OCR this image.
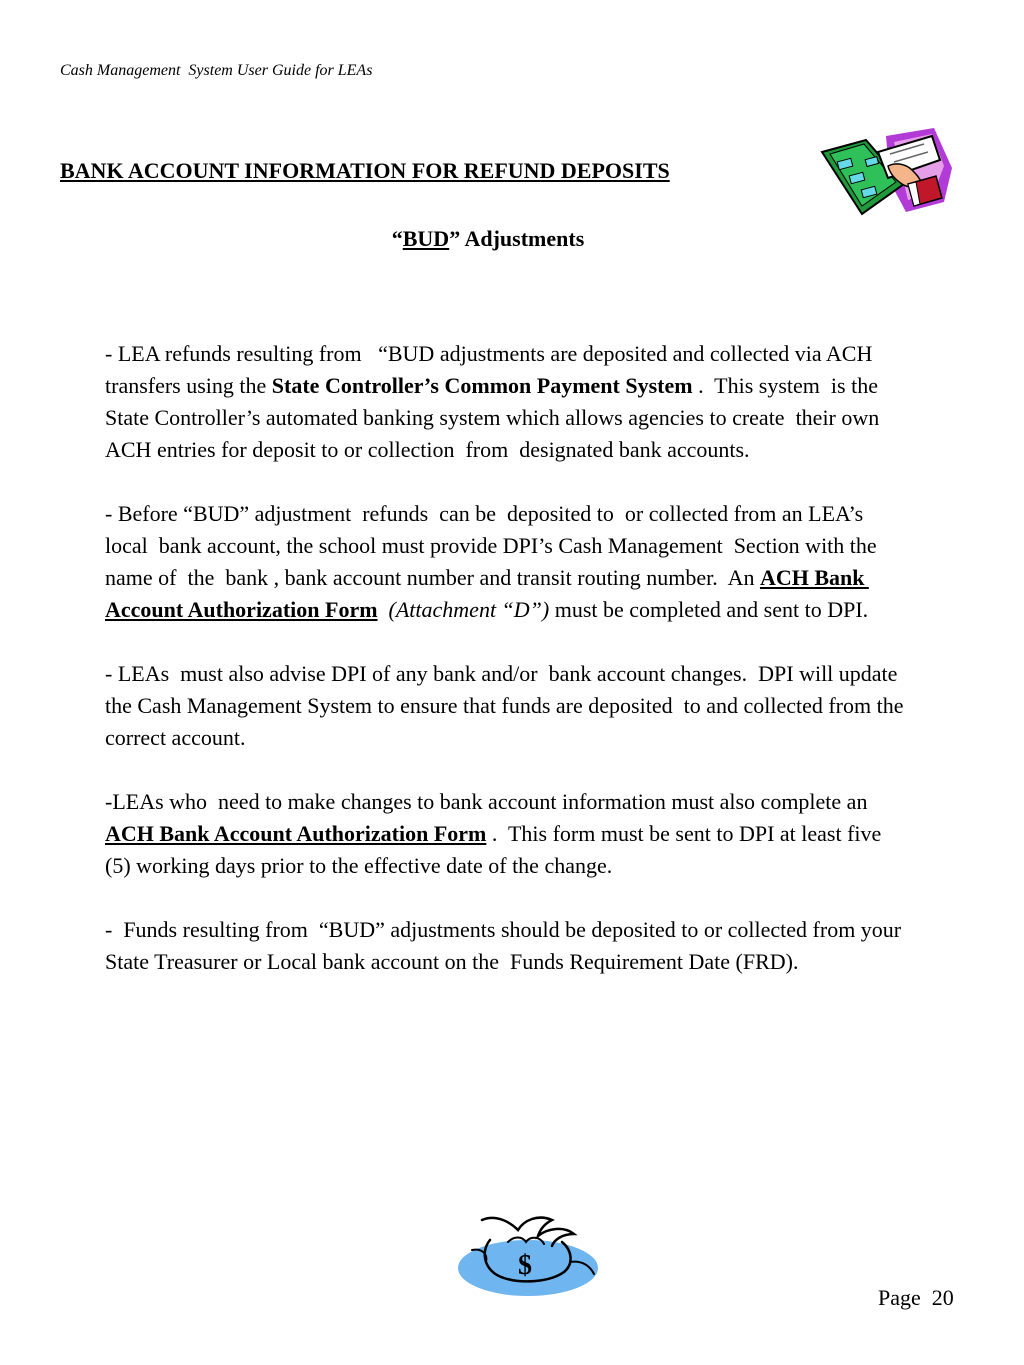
Cash Management  System User Guide for LEAs
BANK ACCOUNT INFORMATION FOR REFUND DEPOSITS
“BUD” Adjustments

- LEA refunds resulting from   “BUD adjustments are deposited and collected via ACH transfers using the State Controller’s Common Payment System .  This system  is the State Controller’s automated banking system which allows agencies to create  their own   ACH entries for deposit to or collection  from  designated bank accounts.

- Before “BUD” adjustment  refunds  can be  deposited to  or collected from an LEA’s   local  bank account, the school must provide DPI’s Cash Management  Section with the name of  the  bank , bank account number and transit routing number.  An ACH Bank Account Authorization Form (Attachment “D”) must be completed and sent to DPI.

- LEAs  must also advise DPI of any bank and/or  bank account changes.  DPI will update the Cash Management System to ensure that funds are deposited  to and collected from the correct account.

-LEAs who  need to make changes to bank account information must also complete an ACH Bank Account Authorization Form .  This form must be sent to DPI at least five (5) working days prior to the effective date of the change.

-  Funds resulting from  “BUD” adjustments should be deposited to or collected from your State Treasurer or Local bank account on the  Funds Requirement Date (FRD).

$
Page  20
